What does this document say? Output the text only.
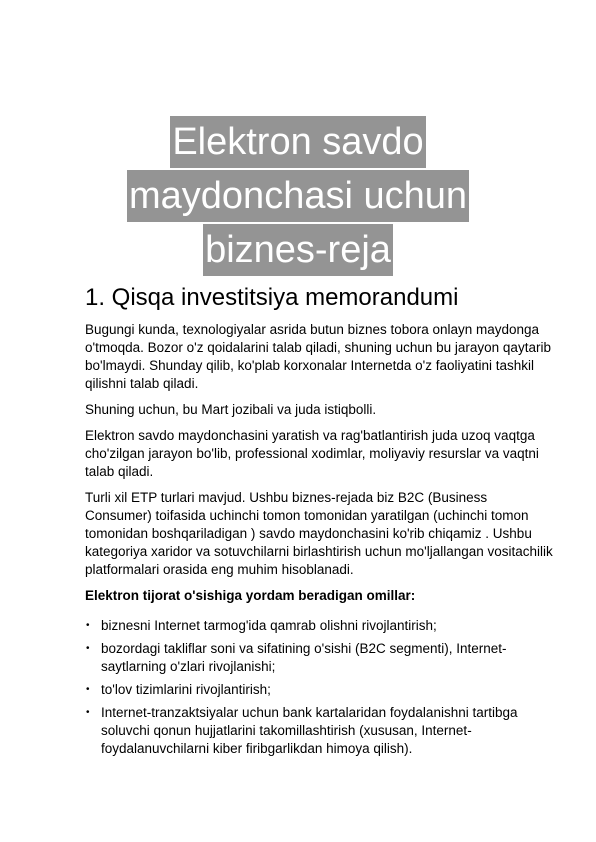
Elektron savdo
maydonchasi uchun
biznes-reja
1. Qisqa investitsiya memorandumi

Bugungi kunda, texnologiyalar asrida butun biznes tobora onlayn maydonga o'tmoqda. Bozor o'z qoidalarini talab qiladi, shuning uchun bu jarayon qaytarib bo'lmaydi. Shunday qilib, ko'plab korxonalar Internetda o'z faoliyatini tashkil qilishni talab qiladi.

Shuning uchun, bu Mart jozibali va juda istiqbolli.

Elektron savdo maydonchasini yaratish va rag'batlantirish juda uzoq vaqtga cho'zilgan jarayon bo'lib, professional xodimlar, moliyaviy resurslar va vaqtni talab qiladi.

Turli xil ETP turlari mavjud. Ushbu biznes-rejada biz B2C (Business Consumer) toifasida uchinchi tomon tomonidan yaratilgan (uchinchi tomon tomonidan boshqariladigan ) savdo maydonchasini ko'rib chiqamiz . Ushbu kategoriya xaridor va sotuvchilarni birlashtirish uchun mo'ljallangan vositachilik platformalari orasida eng muhim hisoblanadi.

Elektron tijorat o'sishiga yordam beradigan omillar:

• biznesni Internet tarmog'ida qamrab olishni rivojlantirish;
• bozordagi takliflar soni va sifatining o'sishi (B2C segmenti), Internet-saytlarning o'zlari rivojlanishi;
• to'lov tizimlarini rivojlantirish;
• Internet-tranzaktsiyalar uchun bank kartalaridan foydalanishni tartibga soluvchi qonun hujjatlarini takomillashtirish (xususan, Internet-foydalanuvchilarni kiber firibgarlikdan himoya qilish).
